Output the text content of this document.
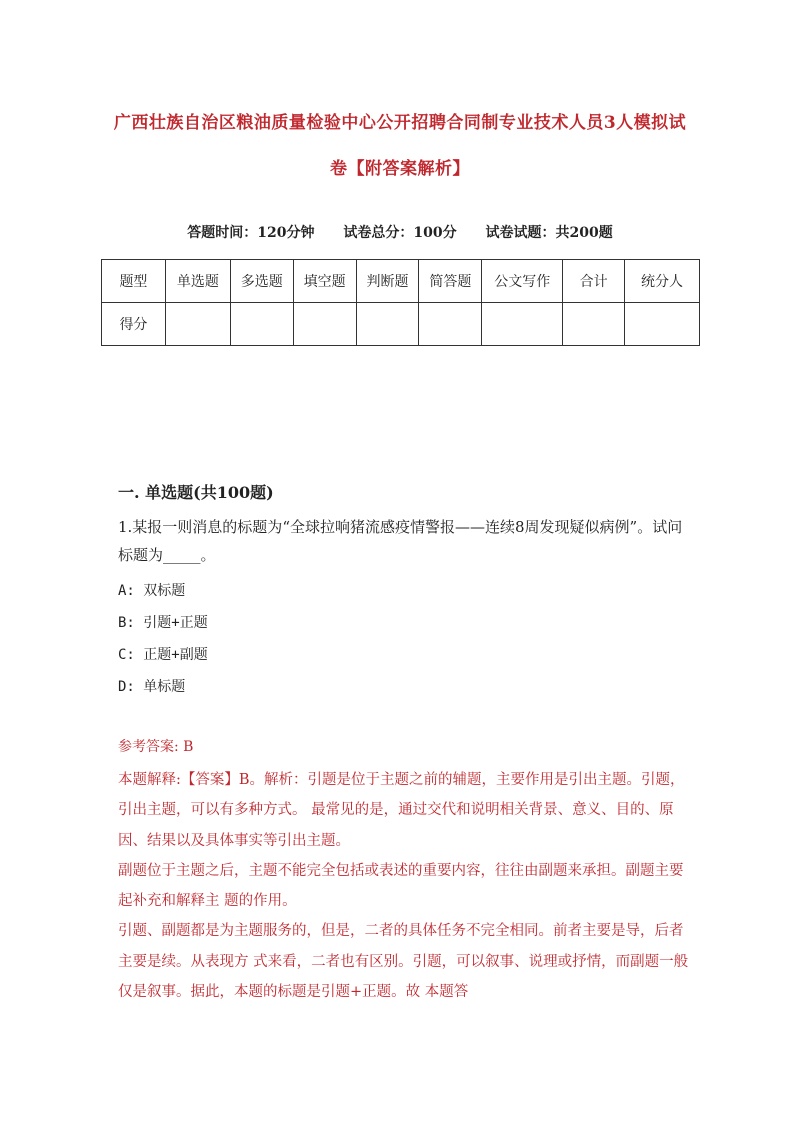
广西壮族自治区粮油质量检验中心公开招聘合同制专业技术人员3人模拟试卷【附答案解析】
答题时间：120分钟 试卷总分：100分 试卷试题：共200题
题型	单选题	多选题	填空题	判断题	简答题	公文写作	合计	统分人
得分								
一. 单选题(共100题)
1.某报一则消息的标题为“全球拉响猪流感疫情警报——连续8周发现疑似病例”。试问 标题为_____。
A: 双标题
B: 引题+正题
C: 正题+副题
D: 单标题
参考答案: B

本题解释:【答案】B。解析：引题是位于主题之前的辅题，主要作用是引出主题。引题，引出主题，可以有多种方式。 最常见的是，通过交代和说明相关背景、意义、目的、原因、结果以及具体事实等引出主题。

副题位于主题之后，主题不能完全包括或表述的重要内容，往往由副题来承担。副题主要起补充和解释主 题的作用。

引题、副题都是为主题服务的，但是，二者的具体任务不完全相同。前者主要是导，后者主要是续。从表现方 式来看，二者也有区别。引题，可以叙事、说理或抒情，而副题一般仅是叙事。据此，本题的标题是引题+正题。故 本题答
